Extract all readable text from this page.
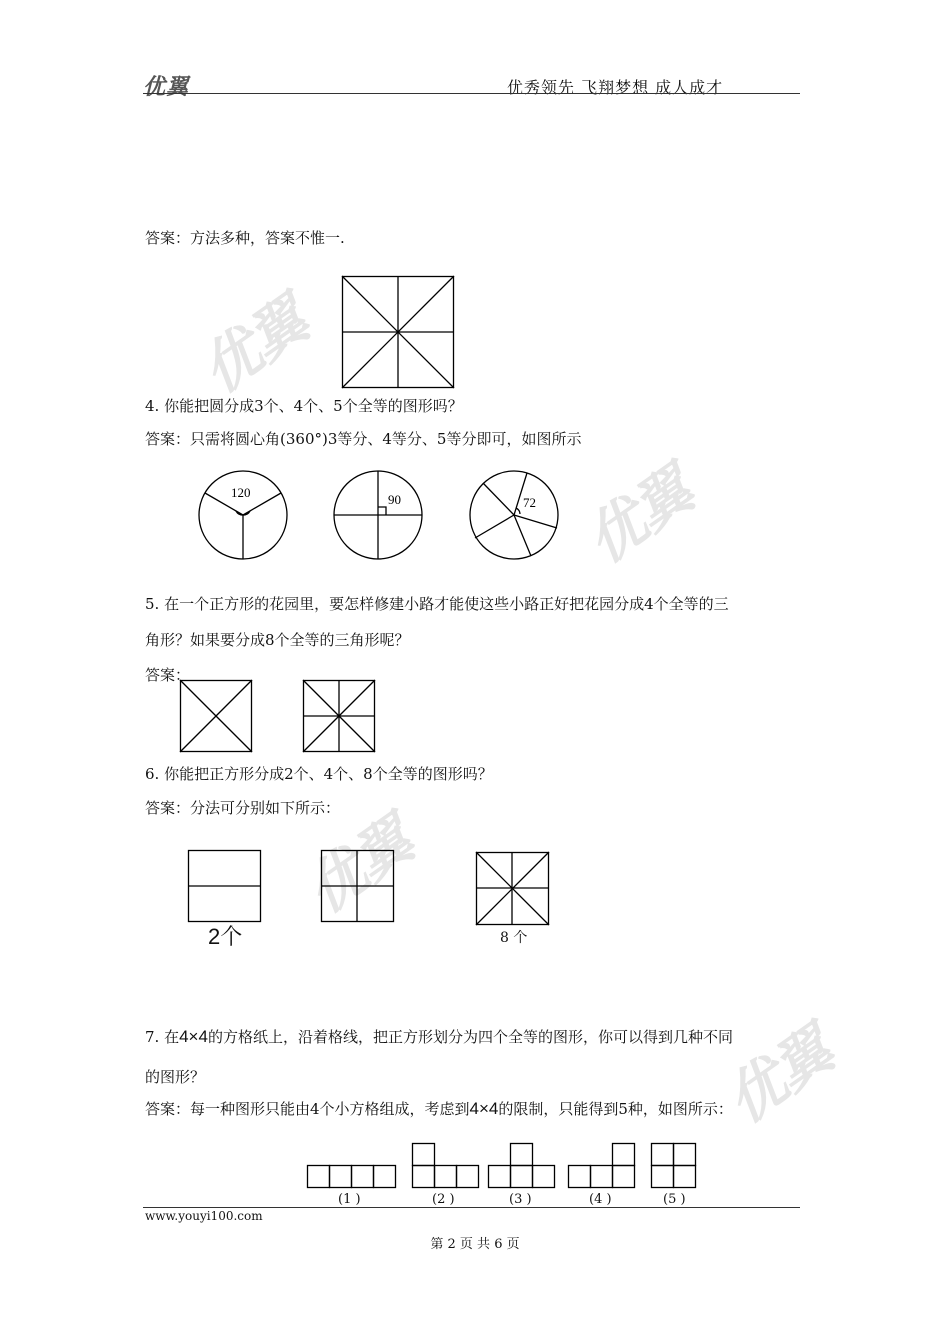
优翼	优秀领先 飞翔梦想 成人成才
优翼
优翼
优翼
优翼
答案：方法多种，答案不惟一.
4. 你能把圆分成3个、4个、5个全等的图形吗？
答案：只需将圆心角(360°)3等分、4等分、5等分即可，如图所示
120	90	72
5. 在一个正方形的花园里，要怎样修建小路才能使这些小路正好把花园分成4个全等的三
角形？如果要分成8个全等的三角形呢？
答案：
6. 你能把正方形分成2个、4个、8个全等的图形吗？
答案：分法可分别如下所示：
2个	8 个
7. 在4×4的方格纸上，沿着格线，把正方形划分为四个全等的图形，你可以得到几种不同
的图形？
答案：每一种图形只能由4个小方格组成，考虑到4×4的限制，只能得到5种，如图所示：
(1 )	(2 )	(3 )	(4 )	(5 )
www.youyi100.com
第 2 页 共 6 页
